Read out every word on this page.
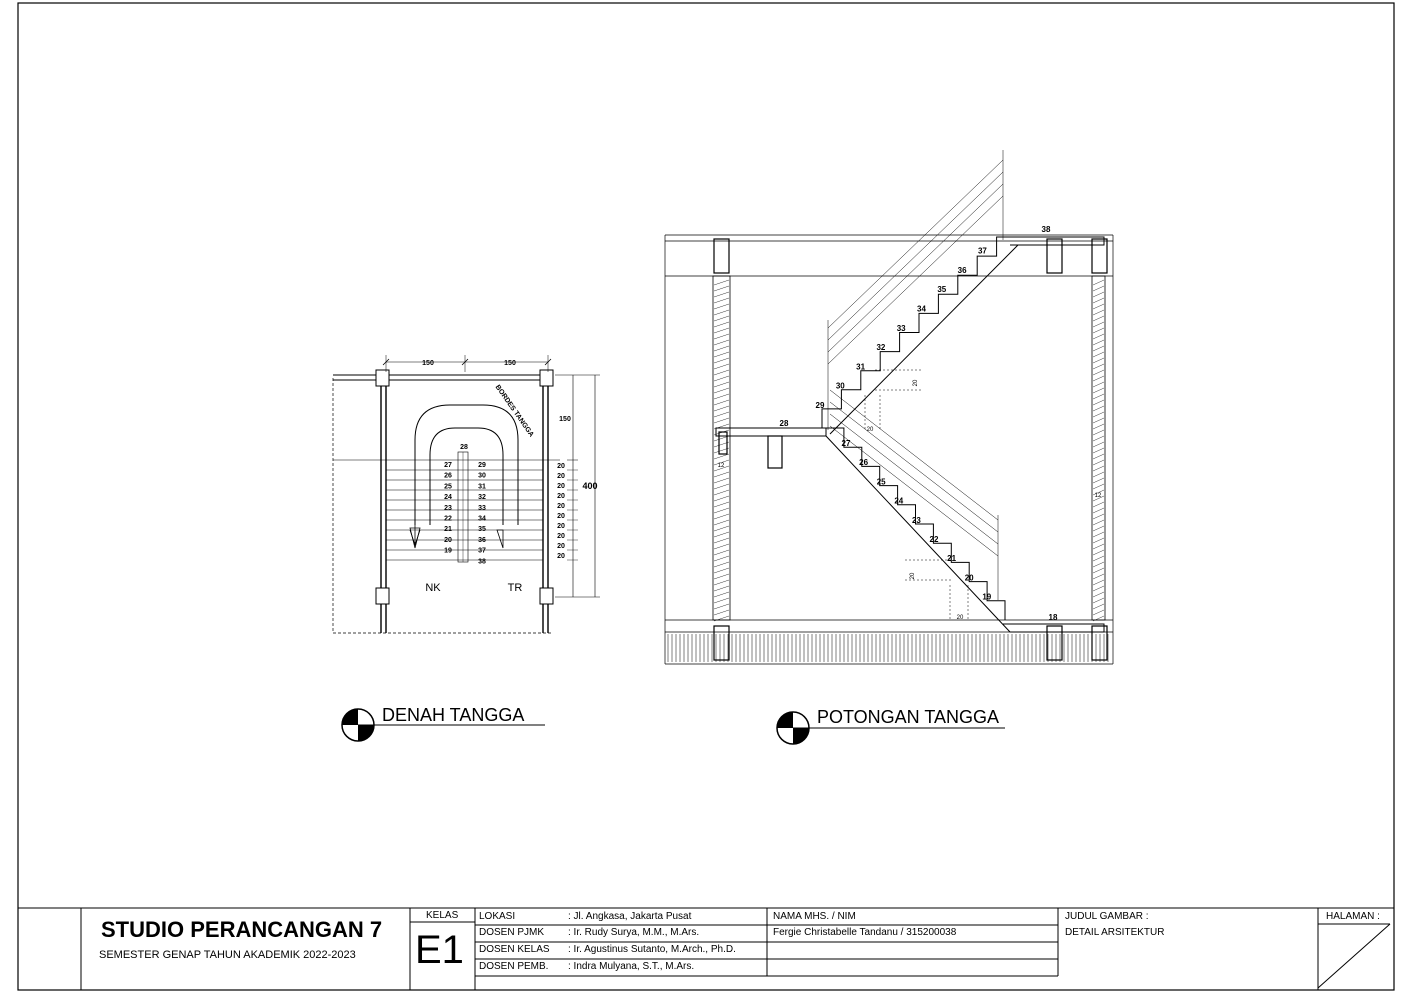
150	150
150
400
BORDES TANGGA
28
27
26
25
24
23
22
21
20
19
29
30
31
32
33
34
35
36
37
38
20
20
20
20
20
20
20
20
20
20
NK	TR
DENAH TANGGA
38
18
28
27
26
25
24
23
22
21
20
19
29
30
31
32
33
34
35
36
37
20
20
20
20
12
12
POTONGAN TANGGA
STUDIO PERANCANGAN 7
SEMESTER GENAP TAHUN AKADEMIK 2022-2023
KELAS
E1
LOKASI	: Jl. Angkasa, Jakarta Pusat
DOSEN PJMK : Ir. Rudy Surya, M.M., M.Ars.
DOSEN KELAS : Ir. Agustinus Sutanto, M.Arch., Ph.D.
DOSEN PEMB. : Indra Mulyana, S.T., M.Ars.
NAMA MHS. / NIM
Fergie Christabelle Tandanu / 315200038
JUDUL GAMBAR :
DETAIL ARSITEKTUR
HALAMAN :
